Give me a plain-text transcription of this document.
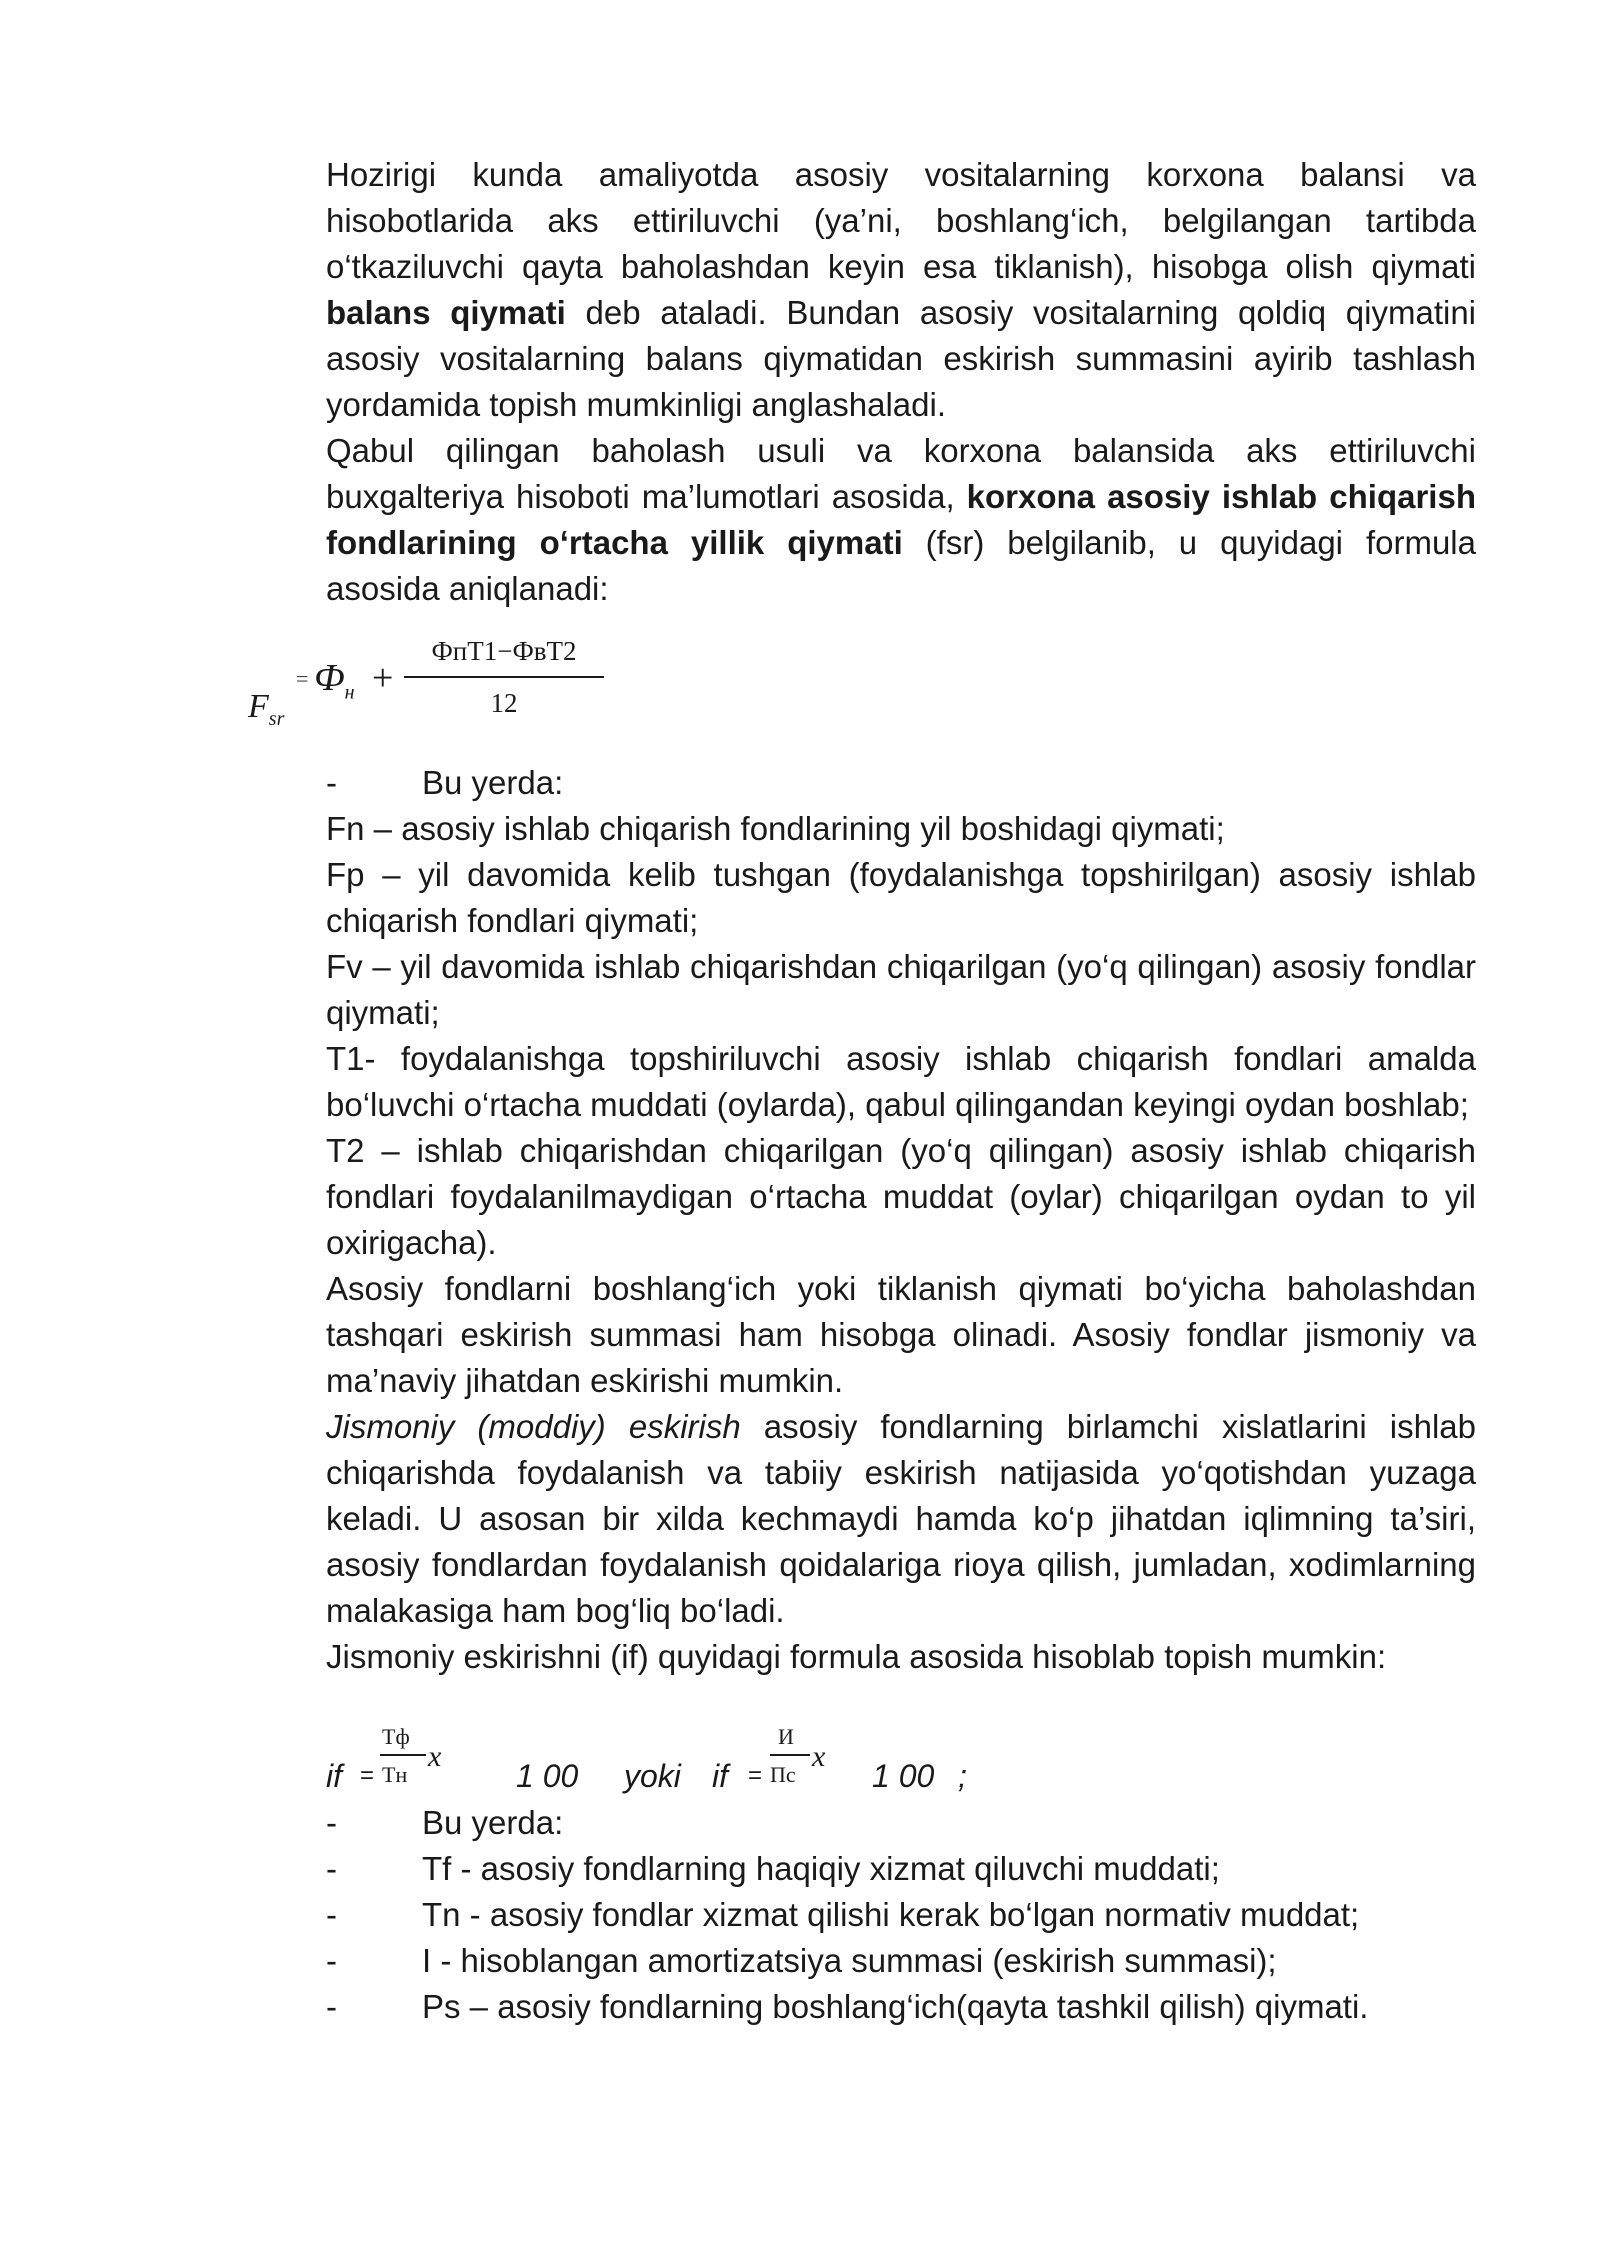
Hozirigi kunda amaliyotda asosiy vositalarning korxona balansi va hisobotlarida aks ettiriluvchi (ya’ni, boshlang‘ich, belgilangan tartibda o‘tkaziluvchi qayta baholashdan keyin esa tiklanish), hisobga olish qiymati balans qiymati deb ataladi. Bundan asosiy vositalarning qoldiq qiymatini asosiy vositalarning balans qiymatidan eskirish summasini ayirib tashlash yordamida topish mumkinligi anglashaladi.

Qabul qilingan baholash usuli va korxona balansida aks ettiriluvchi buxgalteriya hisoboti ma’lumotlari asosida, korxona asosiy ishlab chiqarish fondlarining o‘rtacha yillik qiymati (fsr) belgilanib, u quyidagi formula asosida aniqlanadi:

$F_{sr}$
= $Ф_н$ +
ФпТ1−ФвТ2
12
-	Bu yerda:

Fn – asosiy ishlab chiqarish fondlarining yil boshidagi qiymati;

Fp – yil davomida kelib tushgan (foydalanishga topshirilgan) asosiy ishlab chiqarish fondlari qiymati;

Fv – yil davomida ishlab chiqarishdan chiqarilgan (yo‘q qilingan) asosiy fondlar qiymati;

T1- foydalanishga topshiriluvchi asosiy ishlab chiqarish fondlari amalda bo‘luvchi o‘rtacha muddati (oylarda), qabul qilingandan keyingi oydan boshlab;

T2 – ishlab chiqarishdan chiqarilgan (yo‘q qilingan) asosiy ishlab chiqarish fondlari foydalanilmaydigan o‘rtacha muddat (oylar) chiqarilgan oydan to yil oxirigacha).

Asosiy fondlarni boshlang‘ich yoki tiklanish qiymati bo‘yicha baholashdan tashqari eskirish summasi ham hisobga olinadi. Asosiy fondlar jismoniy va ma’naviy jihatdan eskirishi mumkin.

Jismoniy (moddiy) eskirish asosiy fondlarning birlamchi xislatlarini ishlab chiqarishda foydalanish va tabiiy eskirish natijasida yo‘qotishdan yuzaga keladi. U asosan bir xilda kechmaydi hamda ko‘p jihatdan iqlimning ta’siri, asosiy fondlardan foydalanish qoidalariga rioya qilish, jumladan, xodimlarning malakasiga ham bog‘liq bo‘ladi.

Jismoniy eskirishni (if) quyidagi formula asosida hisoblab topish mumkin:

if =
Тф
Тн
x
1 00 yoki if =
И
Пс
x
1 00 ;
-	Bu yerda:
-	Tf - asosiy fondlarning haqiqiy xizmat qiluvchi muddati;
-	Tn - asosiy fondlar xizmat qilishi kerak bo‘lgan normativ muddat;
-	I - hisoblangan amortizatsiya summasi (eskirish summasi);
-	Ps – asosiy fondlarning boshlang‘ich(qayta tashkil qilish) qiymati.
